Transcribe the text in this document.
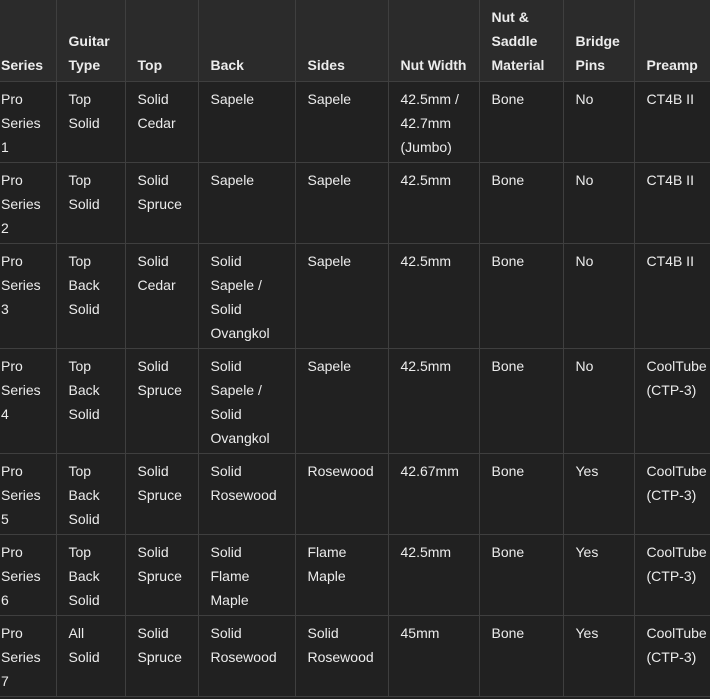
Series	Guitar Type	Top	Back	Sides	Nut Width	Nut & Saddle Material	Bridge Pins	Preamp
Pro Series 1	Top Solid	Solid Cedar	Sapele	Sapele	42.5mm / 42.7mm (Jumbo)	Bone	No	CT4B II
Pro Series 2	Top Solid	Solid Spruce	Sapele	Sapele	42.5mm	Bone	No	CT4B II
Pro Series 3	Top Back Solid	Solid Cedar	Solid Sapele / Solid Ovangkol	Sapele	42.5mm	Bone	No	CT4B II
Pro Series 4	Top Back Solid	Solid Spruce	Solid Sapele / Solid Ovangkol	Sapele	42.5mm	Bone	No	CoolTube (CTP-3)
Pro Series 5	Top Back Solid	Solid Spruce	Solid Rosewood	Rosewood	42.67mm	Bone	Yes	CoolTube (CTP-3)
Pro Series 6	Top Back Solid	Solid Spruce	Solid Flame Maple	Flame Maple	42.5mm	Bone	Yes	CoolTube (CTP-3)
Pro Series 7	All Solid	Solid Spruce	Solid Rosewood	Solid Rosewood	45mm	Bone	Yes	CoolTube (CTP-3)
